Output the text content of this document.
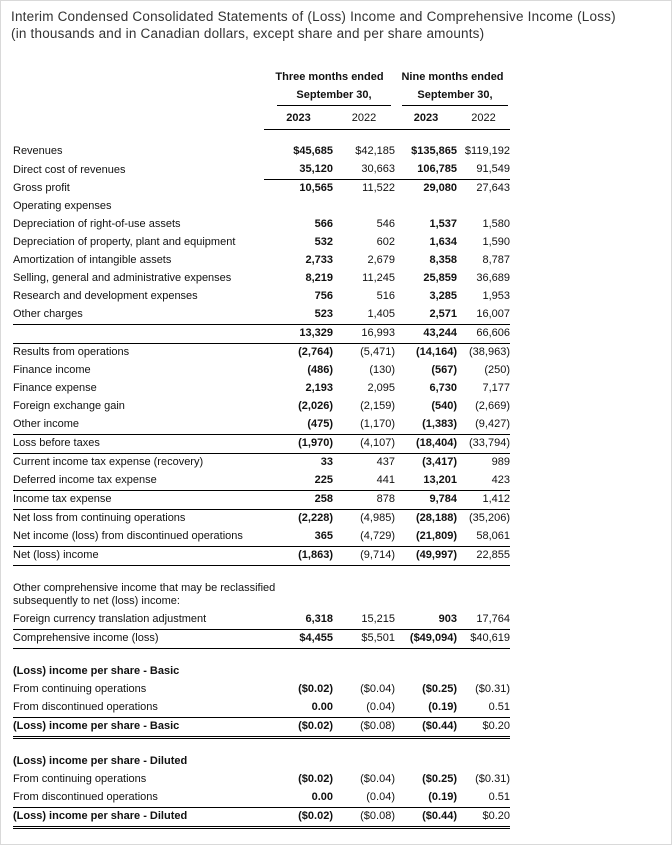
Interim Condensed Consolidated Statements of (Loss) Income and Comprehensive Income (Loss)
(in thousands and in Canadian dollars, except share and per share amounts)

	Three months ended		Nine months ended	

	September 30,		September 30,	

	2023	2022	2023	2022

Revenues	$45,685	$42,185	$135,865	$119,192
Direct cost of revenues	35,120	30,663	106,785	91,549
Gross profit	10,565	11,522	29,080	27,643
Operating expenses				
Depreciation of right-of-use assets	566	546	1,537	1,580
Depreciation of property, plant and equipment	532	602	1,634	1,590
Amortization of intangible assets	2,733	2,679	8,358	8,787
Selling, general and administrative expenses	8,219	11,245	25,859	36,689
Research and development expenses	756	516	3,285	1,953
Other charges	523	1,405	2,571	16,007
	13,329	16,993	43,244	66,606
Results from operations	(2,764)	(5,471)	(14,164)	(38,963)
Finance income	(486)	(130)	(567)	(250)
Finance expense	2,193	2,095	6,730	7,177
Foreign exchange gain	(2,026)	(2,159)	(540)	(2,669)
Other income	(475)	(1,170)	(1,383)	(9,427)
Loss before taxes	(1,970)	(4,107)	(18,404)	(33,794)
Current income tax expense (recovery)	33	437	(3,417)	989
Deferred income tax expense	225	441	13,201	423
Income tax expense	258	878	9,784	1,412
Net loss from continuing operations	(2,228)	(4,985)	(28,188)	(35,206)
Net income (loss) from discontinued operations	365	(4,729)	(21,809)	58,061
Net (loss) income	(1,863)	(9,714)	(49,997)	22,855

Other comprehensive income that may be reclassified subsequently to net (loss) income:				

Foreign currency translation adjustment	6,318	15,215	903	17,764
Comprehensive income (loss)	$4,455	$5,501	($49,094)	$40,619

(Loss) income per share - Basic				
From continuing operations	($0.02)	($0.04)	($0.25)	($0.31)
From discontinued operations	0.00	(0.04)	(0.19)	0.51
(Loss) income per share - Basic	($0.02)	($0.08)	($0.44)	$0.20

(Loss) income per share - Diluted				
From continuing operations	($0.02)	($0.04)	($0.25)	($0.31)
From discontinued operations	0.00	(0.04)	(0.19)	0.51
(Loss) income per share - Diluted	($0.02)	($0.08)	($0.44)	$0.20
